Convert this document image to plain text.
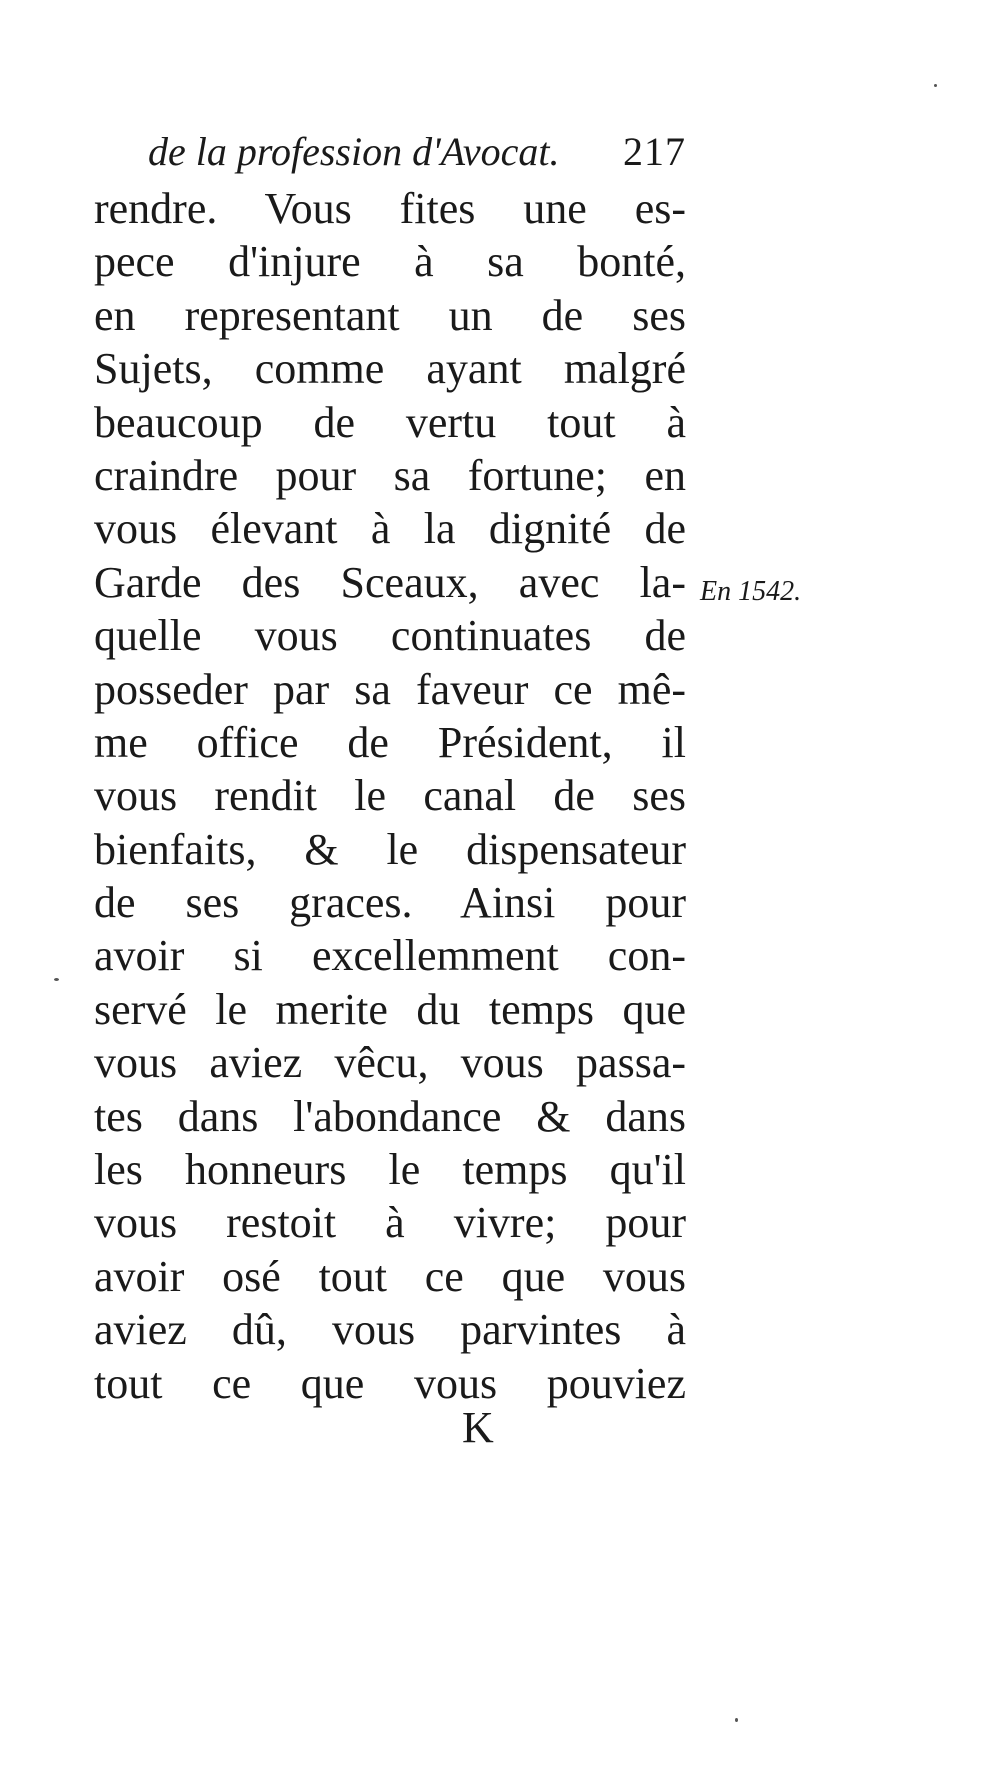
de la profession d'Avocat. 217
rendre. Vous fites une es-
pece d'injure à sa bonté,
en representant un de ses
Sujets, comme ayant malgré
beaucoup de vertu tout à
craindre pour sa fortune; en
vous élevant à la dignité de
Garde des Sceaux, avec la-
quelle vous continuates de
posseder par sa faveur ce mê-
me office de Président, il
vous rendit le canal de ses
bienfaits, & le dispensateur
de ses graces. Ainsi pour
avoir si excellemment con-
servé le merite du temps que
vous aviez vêcu, vous passa-
tes dans l'abondance & dans
les honneurs le temps qu'il
vous restoit à vivre; pour
avoir osé tout ce que vous
aviez dû, vous parvintes à
tout ce que vous pouviez
En 1542.
K
